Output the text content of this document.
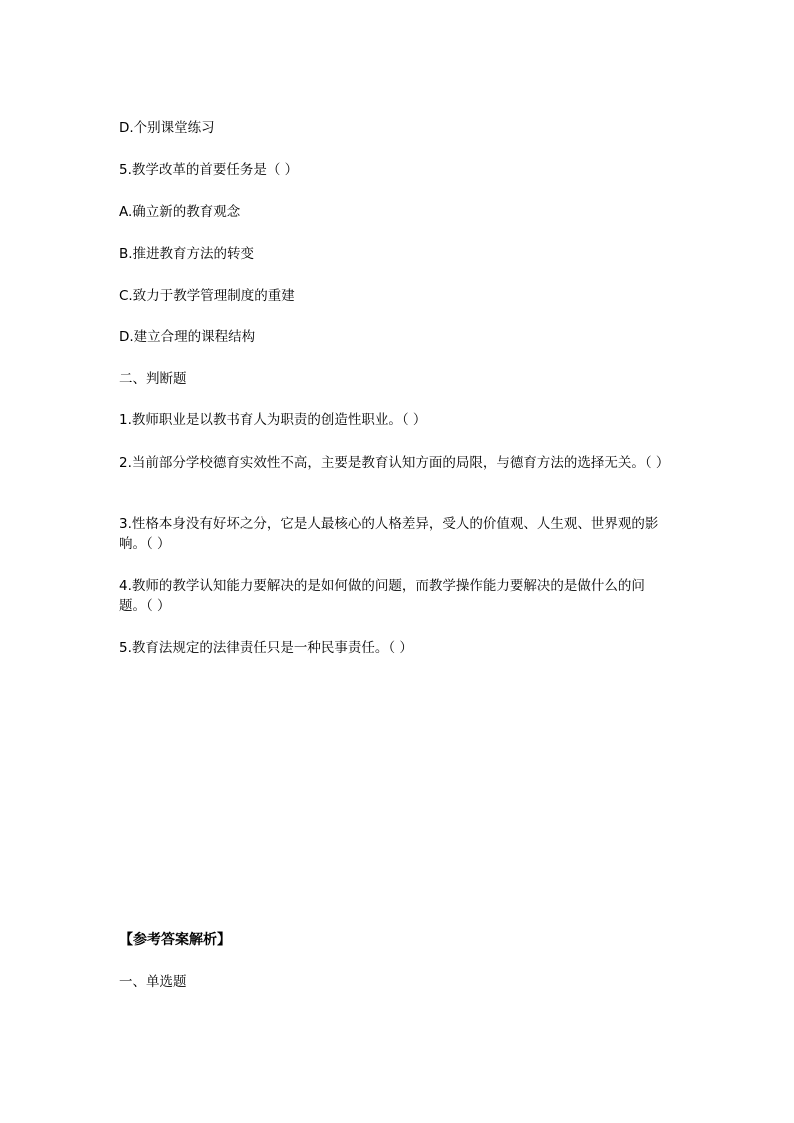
D.个别课堂练习
5.教学改革的首要任务是（ ）
A.确立新的教育观念
B.推进教育方法的转变
C.致力于教学管理制度的重建
D.建立合理的课程结构
二、判断题
1.教师职业是以教书育人为职责的创造性职业。（ ）
2.当前部分学校德育实效性不高，主要是教育认知方面的局限，与德育方法的选择无关。（ ）
3.性格本身没有好坏之分，它是人最核心的人格差异，受人的价值观、人生观、世界观的影响。（ ）
4.教师的教学认知能力要解决的是如何做的问题，而教学操作能力要解决的是做什么的问题。（ ）
5.教育法规定的法律责任只是一种民事责任。（ ）
【参考答案解析】
一、单选题
